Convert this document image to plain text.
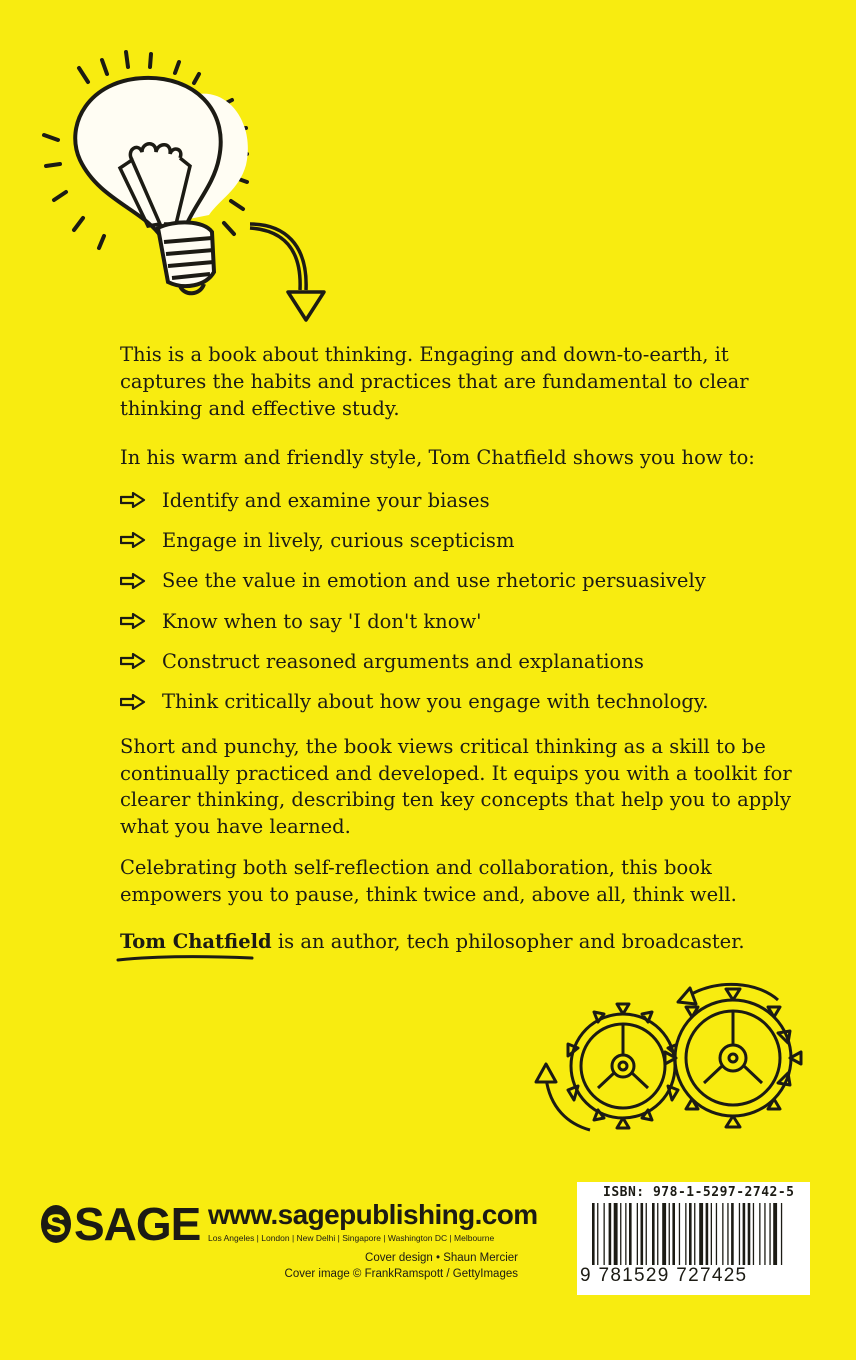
This is a book about thinking. Engaging and down-to-earth, it captures the habits and practices that are fundamental to clear thinking and effective study.

In his warm and friendly style, Tom Chatfield shows you how to:

Identify and examine your biases
Engage in lively, curious scepticism
See the value in emotion and use rhetoric persuasively
Know when to say 'I don't know'
Construct reasoned arguments and explanations
Think critically about how you engage with technology.

Short and punchy, the book views critical thinking as a skill to be continually practiced and developed. It equips you with a toolkit for clearer thinking, describing ten key concepts that help you to apply what you have learned.

Celebrating both self-reflection and collaboration, this book empowers you to pause, think twice and, above all, think well.

Tom Chatfield
is an author, tech philosopher and broadcaster.

S SAGE www.sagepublishing.com
Los Angeles | London | New Delhi | Singapore | Washington DC | Melbourne
Cover design • Shaun Mercier
Cover image © FrankRamspott / GettyImages
ISBN: 978-1-5297-2742-5
9 781529 727425
